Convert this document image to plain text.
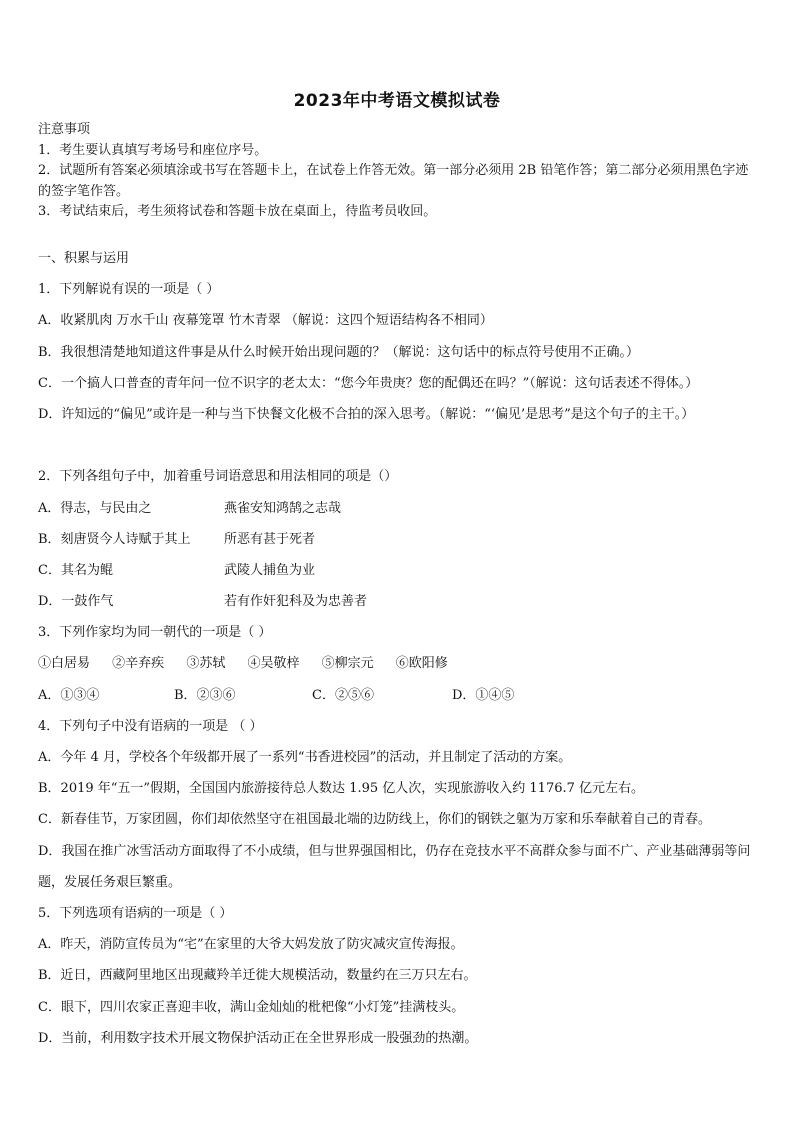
2023年中考语文模拟试卷
注意事项
1．考生要认真填写考场号和座位序号。
2．试题所有答案必须填涂或书写在答题卡上，在试卷上作答无效。第一部分必须用 2B 铅笔作答；第二部分必须用黑色字迹的签字笔作答。
3．考试结束后，考生须将试卷和答题卡放在桌面上，待监考员收回。
一、积累与运用
1．下列解说有误的一项是（ ）
A．收紧肌肉 万水千山 夜幕笼罩 竹木青翠 （解说：这四个短语结构各不相同）
B．我很想清楚地知道这件事是从什么时候开始出现问题的？（解说：这句话中的标点符号使用不正确。）
C．一个搞人口普查的青年问一位不识字的老太太：“您今年贵庚？您的配偶还在吗？”（解说：这句话表述不得体。）
D．许知远的“偏见”或许是一种与当下快餐文化极不合拍的深入思考。（解说：“‘偏见’是思考”是这个句子的主干。）
2．下列各组句子中，加着重号词语意思和用法相同的项是（）
A．得志，与民由之	燕雀安知鸿鹄之志哉
B．刻唐贤今人诗赋于其上	所恶有甚于死者
C．其名为鲲	武陵人捕鱼为业
D．一鼓作气	若有作奸犯科及为忠善者
3．下列作家均为同一朝代的一项是（ ）
①白居易 ②辛弃疾 ③苏轼 ④吴敬梓 ⑤柳宗元 ⑥欧阳修
A．①③④	B．②③⑥	C．②⑤⑥	D．①④⑤
4．下列句子中没有语病的一项是 （ ）
A．今年 4 月，学校各个年级都开展了一系列“书香进校园”的活动，并且制定了活动的方案。
B．2019 年“五一”假期，全国国内旅游接待总人数达 1.95 亿人次，实现旅游收入约 1176.7 亿元左右。
C．新春佳节，万家团圆，你们却依然坚守在祖国最北端的边防线上，你们的钢铁之躯为万家和乐奉献着自己的青春。
D．我国在推广冰雪活动方面取得了不小成绩，但与世界强国相比，仍存在竞技水平不高群众参与面不广、产业基础薄弱等问题，发展任务艰巨繁重。
5．下列选项有语病的一项是（ ）
A．昨天，消防宣传员为“宅”在家里的大爷大妈发放了防灾减灾宣传海报。
B．近日，西藏阿里地区出现藏羚羊迁徙大规模活动，数量约在三万只左右。
C．眼下，四川农家正喜迎丰收，满山金灿灿的枇杷像“小灯笼”挂满枝头。
D．当前，利用数字技术开展文物保护活动正在全世界形成一股强劲的热潮。
